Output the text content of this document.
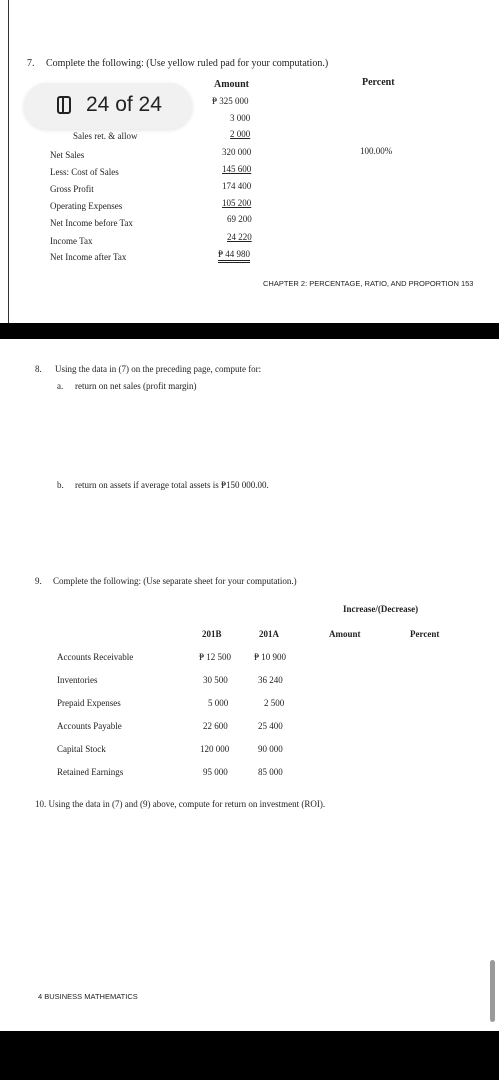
7. Complete the following: (Use yellow ruled pad for your computation.)
Amount	Percent
₱ 325 000
3 000
Sales ret. & allow	2 000
Net Sales	320 000	100.00%
Less: Cost of Sales	145 600
Gross Profit	174 400
Operating Expenses	105 200
Net Income before Tax	69 200
Income Tax	24 220
Net Income after Tax	₱ 44 980
CHAPTER 2: PERCENTAGE, RATIO, AND PROPORTION 153
24 of 24
8. Using the data in (7) on the preceding page, compute for:
a. return on net sales (profit margin)
b. return on assets if average total assets is ₱150 000.00.
9. Complete the following: (Use separate sheet for your computation.)
Increase/(Decrease)
201B	201A	Amount	Percent
Accounts Receivable	₱ 12 500	₱ 10 900
Inventories	30 500	36 240
Prepaid Expenses	5 000	2 500
Accounts Payable	22 600	25 400
Capital Stock	120 000	90 000
Retained Earnings	95 000	85 000
10. Using the data in (7) and (9) above, compute for return on investment (ROI).
4 BUSINESS MATHEMATICS
